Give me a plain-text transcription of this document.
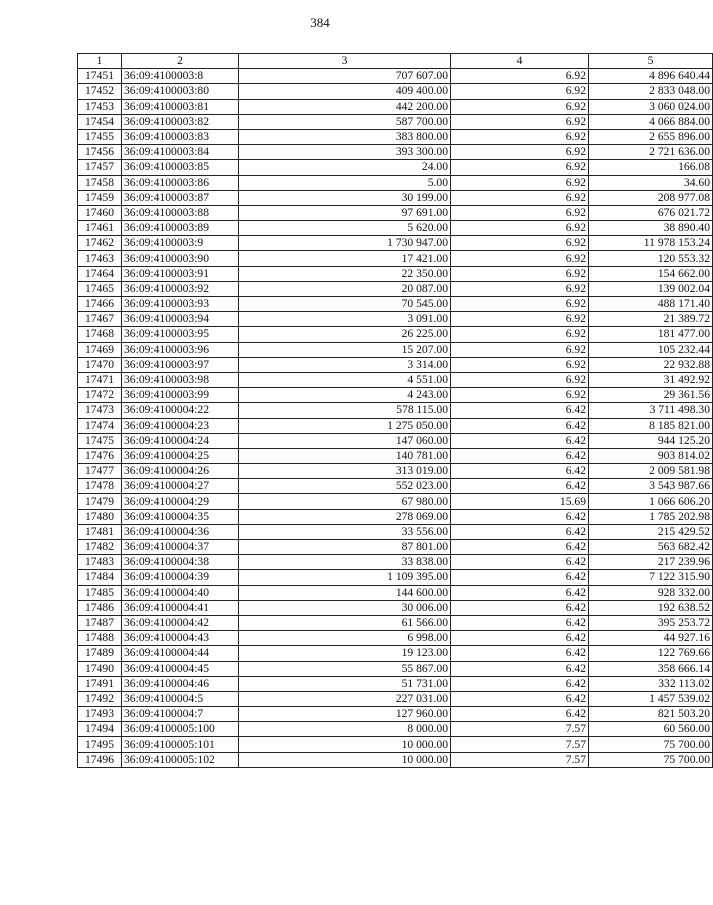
384
1	2	3	4	5
17451	36:09:4100003:8	707 607.00	6.92	4 896 640.44
17452	36:09:4100003:80	409 400.00	6.92	2 833 048.00
17453	36:09:4100003:81	442 200.00	6.92	3 060 024.00
17454	36:09:4100003:82	587 700.00	6.92	4 066 884.00
17455	36:09:4100003:83	383 800.00	6.92	2 655 896.00
17456	36:09:4100003:84	393 300.00	6.92	2 721 636.00
17457	36:09:4100003:85	24.00	6.92	166.08
17458	36:09:4100003:86	5.00	6.92	34.60
17459	36:09:4100003:87	30 199.00	6.92	208 977.08
17460	36:09:4100003:88	97 691.00	6.92	676 021.72
17461	36:09:4100003:89	5 620.00	6.92	38 890.40
17462	36:09:4100003:9	1 730 947.00	6.92	11 978 153.24
17463	36:09:4100003:90	17 421.00	6.92	120 553.32
17464	36:09:4100003:91	22 350.00	6.92	154 662.00
17465	36:09:4100003:92	20 087.00	6.92	139 002.04
17466	36:09:4100003:93	70 545.00	6.92	488 171.40
17467	36:09:4100003:94	3 091.00	6.92	21 389.72
17468	36:09:4100003:95	26 225.00	6.92	181 477.00
17469	36:09:4100003:96	15 207.00	6.92	105 232.44
17470	36:09:4100003:97	3 314.00	6.92	22 932.88
17471	36:09:4100003:98	4 551.00	6.92	31 492.92
17472	36:09:4100003:99	4 243.00	6.92	29 361.56
17473	36:09:4100004:22	578 115.00	6.42	3 711 498.30
17474	36:09:4100004:23	1 275 050.00	6.42	8 185 821.00
17475	36:09:4100004:24	147 060.00	6.42	944 125.20
17476	36:09:4100004:25	140 781.00	6.42	903 814.02
17477	36:09:4100004:26	313 019.00	6.42	2 009 581.98
17478	36:09:4100004:27	552 023.00	6.42	3 543 987.66
17479	36:09:4100004:29	67 980.00	15.69	1 066 606.20
17480	36:09:4100004:35	278 069.00	6.42	1 785 202.98
17481	36:09:4100004:36	33 556.00	6.42	215 429.52
17482	36:09:4100004:37	87 801.00	6.42	563 682.42
17483	36:09:4100004:38	33 838.00	6.42	217 239.96
17484	36:09:4100004:39	1 109 395.00	6.42	7 122 315.90
17485	36:09:4100004:40	144 600.00	6.42	928 332.00
17486	36:09:4100004:41	30 006.00	6.42	192 638.52
17487	36:09:4100004:42	61 566.00	6.42	395 253.72
17488	36:09:4100004:43	6 998.00	6.42	44 927.16
17489	36:09:4100004:44	19 123.00	6.42	122 769.66
17490	36:09:4100004:45	55 867.00	6.42	358 666.14
17491	36:09:4100004:46	51 731.00	6.42	332 113.02
17492	36:09:4100004:5	227 031.00	6.42	1 457 539.02
17493	36:09:4100004:7	127 960.00	6.42	821 503.20
17494	36:09:4100005:100	8 000.00	7.57	60 560.00
17495	36:09:4100005:101	10 000.00	7.57	75 700.00
17496	36:09:4100005:102	10 000.00	7.57	75 700.00
